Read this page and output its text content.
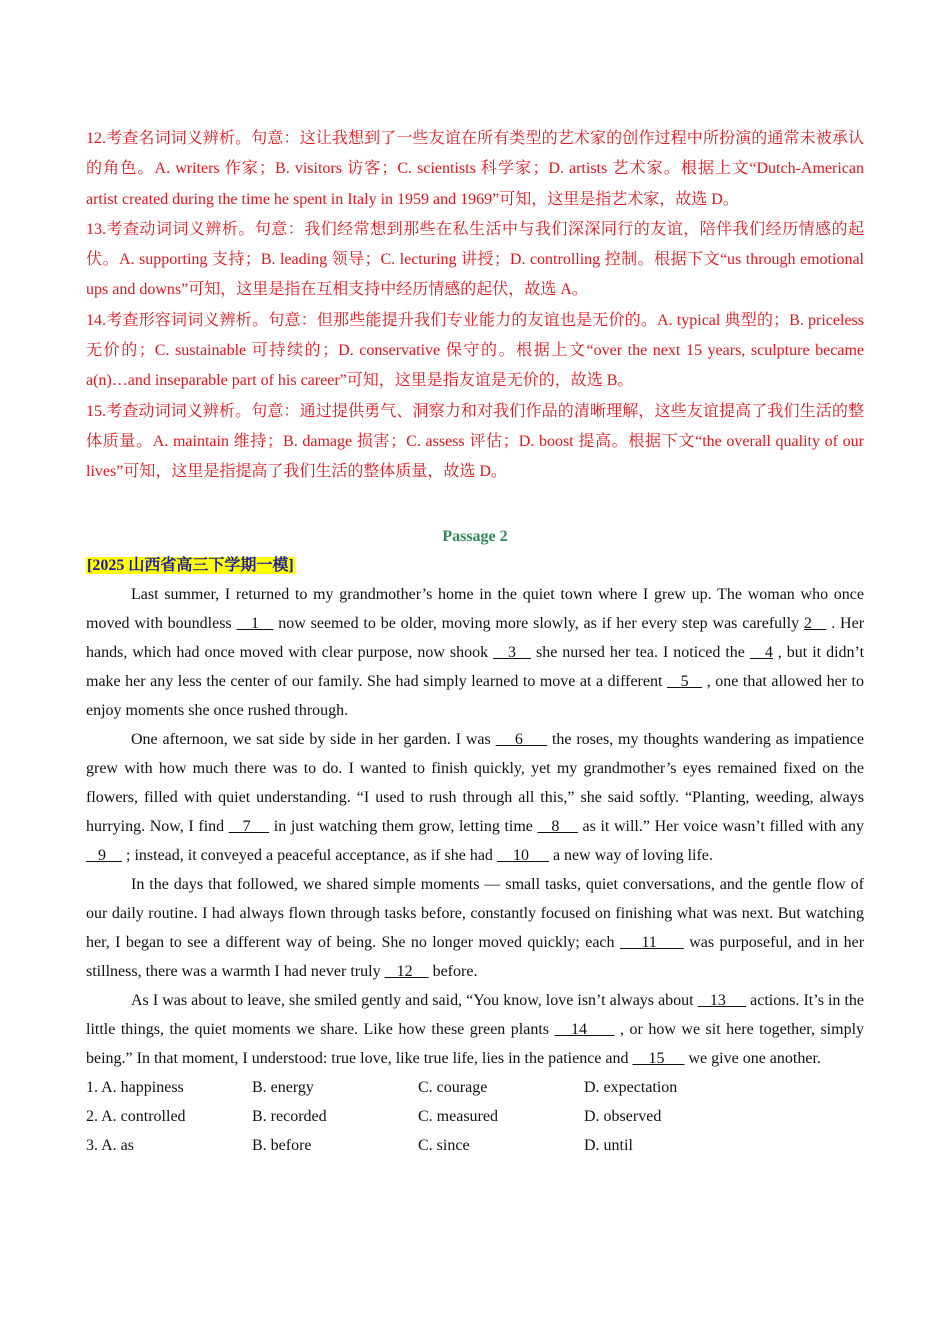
12.考查名词词义辨析。句意：这让我想到了一些友谊在所有类型的艺术家的创作过程中所扮演的通常未被承认的角色。A. writers 作家；B. visitors 访客；C. scientists 科学家；D. artists 艺术家。根据上文“Dutch-American artist created during the time he spent in Italy in 1959 and 1969”可知，这里是指艺术家，故选 D。

13.考查动词词义辨析。句意：我们经常想到那些在私生活中与我们深深同行的友谊，陪伴我们经历情感的起伏。A. supporting 支持；B. leading 领导；C. lecturing 讲授；D. controlling 控制。根据下文“us through emotional ups and downs”可知，这里是指在互相支持中经历情感的起伏，故选 A。

14.考查形容词词义辨析。句意：但那些能提升我们专业能力的友谊也是无价的。A. typical 典型的；B. priceless 无价的；C. sustainable 可持续的；D. conservative 保守的。根据上文“over the next 15 years, sculpture became a(n)…and inseparable part of his career”可知，这里是指友谊是无价的，故选 B。

15.考查动词词义辨析。句意：通过提供勇气、洞察力和对我们作品的清晰理解，这些友谊提高了我们生活的整体质量。A. maintain 维持；B. damage 损害；C. assess 评估；D. boost 提高。根据下文“the overall quality of our lives”可知，这里是指提高了我们生活的整体质量，故选 D。

Passage 2
[2025 山西省高三下学期一模]

Last summer, I returned to my grandmother’s home in the quiet town where I grew up. The woman who once moved with boundless    1    now seemed to be older, moving more slowly, as if her every step was carefully 2    . Her hands, which had once moved with clear purpose, now shook    3    she nursed her tea. I noticed the    4 , but it didn’t make her any less the center of our family. She had simply learned to move at a different    5    , one that allowed her to enjoy moments she once rushed through.

One afternoon, we sat side by side in her garden. I was     6      the roses, my thoughts wandering as impatience grew with how much there was to do. I wanted to finish quickly, yet my grandmother’s eyes remained fixed on the flowers, filled with quiet understanding. “I used to rush through all this,” she said softly. “Planting, weeding, always hurrying. Now, I find    7     in just watching them grow, letting time    8     as it will.” Her voice wasn’t filled with any    9     ; instead, it conveyed a peaceful acceptance, as if she had     10      a new way of loving life.

In the days that followed, we shared simple moments — small tasks, quiet conversations, and the gentle flow of our daily routine. I had always flown through tasks before, constantly focused on finishing what was next. But watching her, I began to see a different way of being. She no longer moved quickly; each     11      was purposeful, and in her stillness, there was a warmth I had never truly    12     before.

As I was about to leave, she smiled gently and said, “You know, love isn’t always about    13      actions. It’s in the little things, the quiet moments we share. Like how these green plants    14      , or how we sit here together, simply being.” In that moment, I understood: true love, like true life, lies in the patience and     15      we give one another.

1. A. happiness	B. energy	C. courage	D. expectation
2. A. controlled	B. recorded	C. measured	D. observed
3. A. as	B. before	C. since	D. until
